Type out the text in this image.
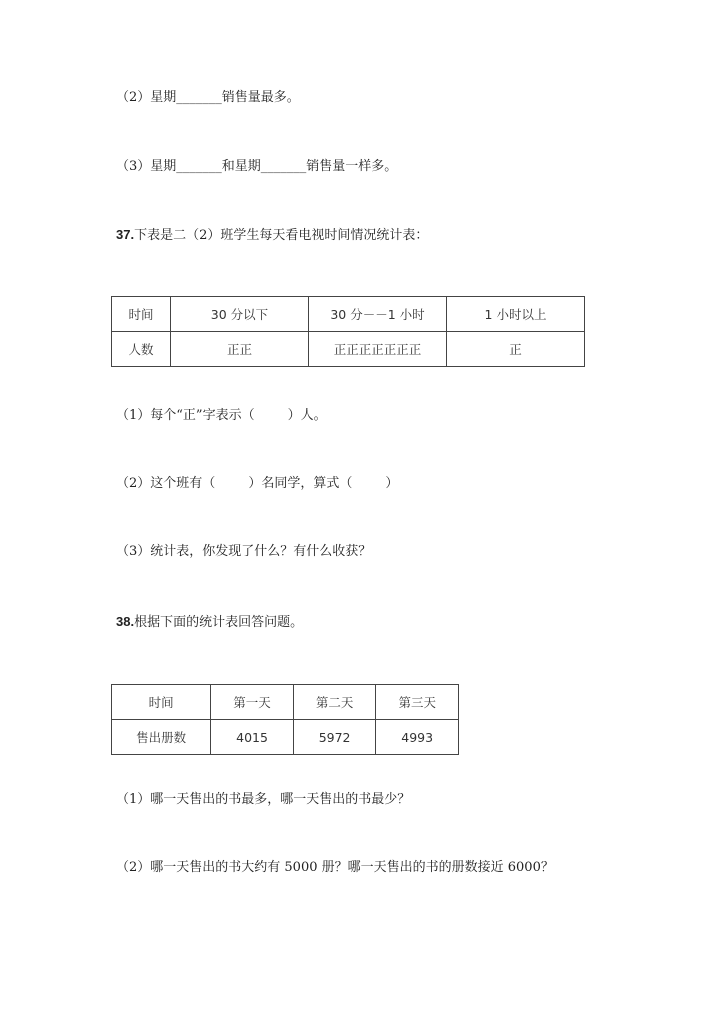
（2）星期_______销售量最多。
（3）星期_______和星期_______销售量一样多。
37.下表是二（2）班学生每天看电视时间情况统计表：
时间	30 分以下	30 分－－1 小时	1 小时以上
人数	正正	正正正正正正正	正
（1）每个“正”字表示（        ）人。
（2）这个班有（        ）名同学，算式（        ）
（3）统计表，你发现了什么？有什么收获？
38.根据下面的统计表回答问题。
时间	第一天	第二天	第三天
售出册数	4015	5972	4993
（1）哪一天售出的书最多，哪一天售出的书最少？
（2）哪一天售出的书大约有 5000 册？哪一天售出的书的册数接近 6000？
